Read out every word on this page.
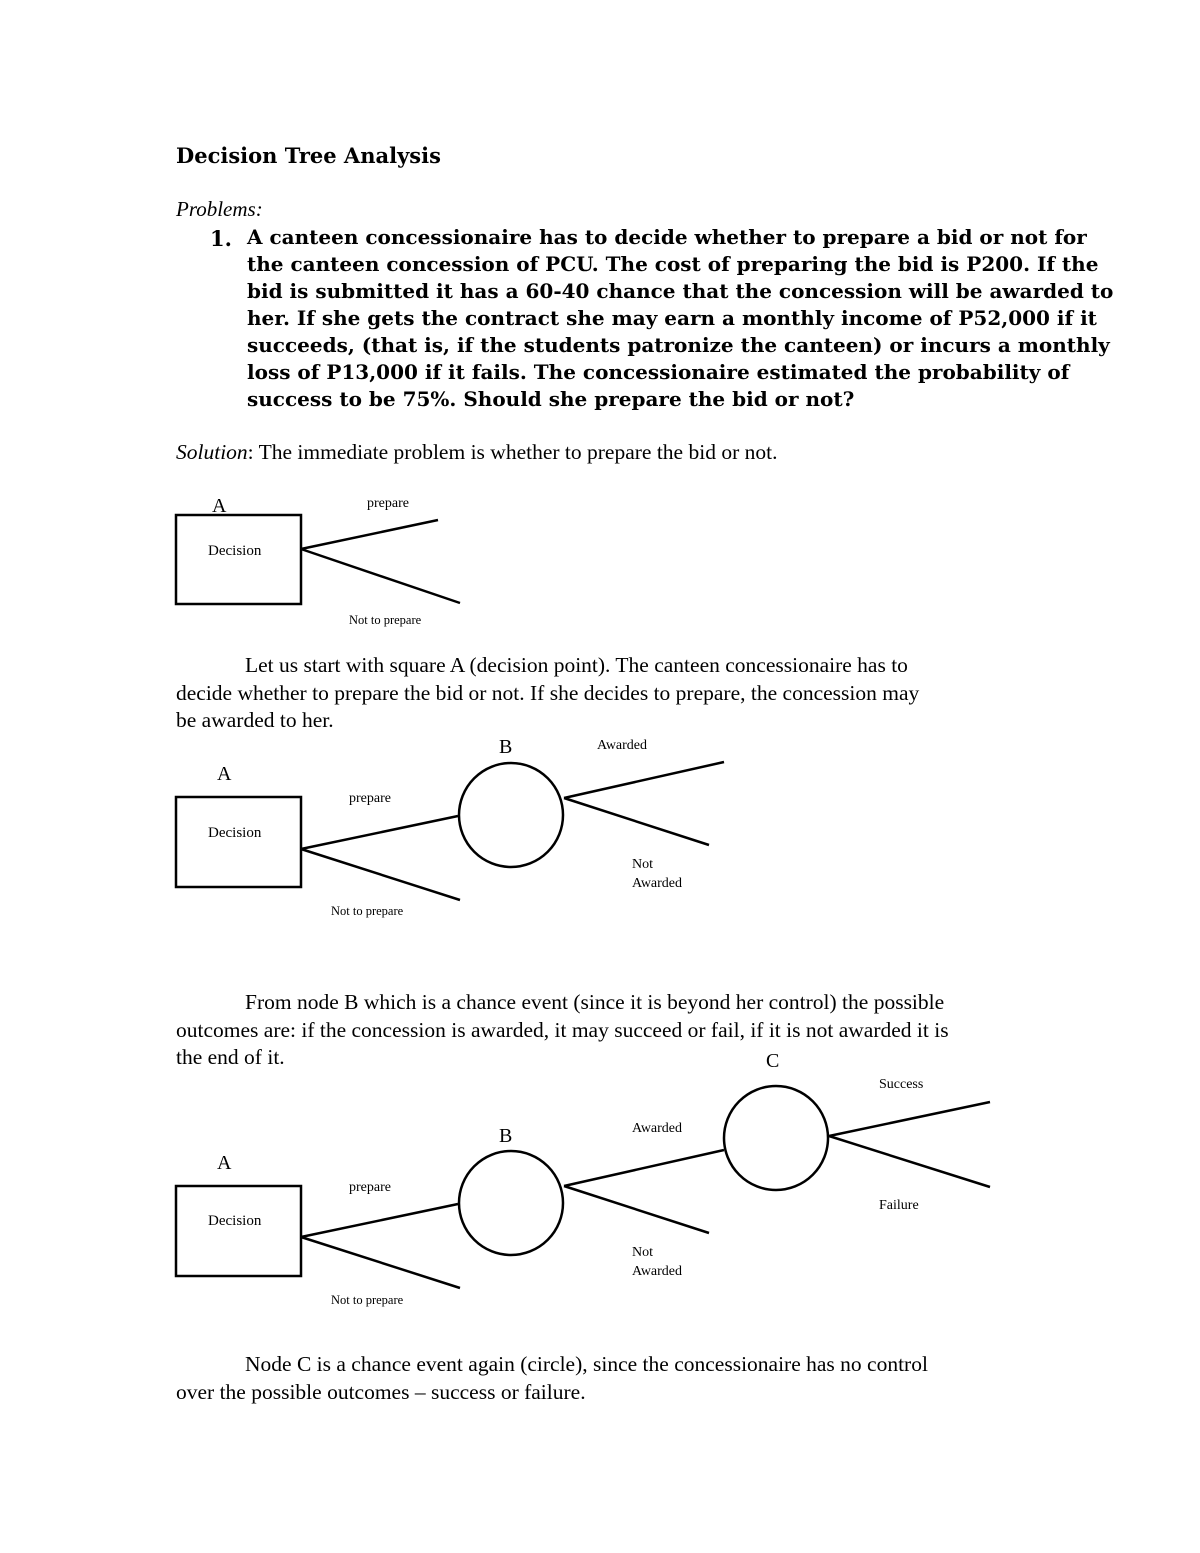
Decision Tree Analysis
Problems:
1. A canteen concessionaire has to decide whether to prepare a bid or not for
the canteen concession of PCU. The cost of preparing the bid is P200. If the
bid is submitted it has a 60-40 chance that the concession will be awarded to
her. If she gets the contract she may earn a monthly income of P52,000 if it
succeeds, (that is, if the students patronize the canteen) or incurs a monthly
loss of P13,000 if it fails. The concessionaire estimated the probability of
success to be 75%. Should she prepare the bid or not?
Solution: The immediate problem is whether to prepare the bid or not.
Let us start with square A (decision point). The canteen concessionaire has to
decide whether to prepare the bid or not. If she decides to prepare, the concession may
be awarded to her.
From node B which is a chance event (since it is beyond her control) the possible
outcomes are: if the concession is awarded, it may succeed or fail, if it is not awarded it is
the end of it.
Node C is a chance event again (circle), since the concessionaire has no control
over the possible outcomes – success or failure.
A
Decision
prepare
Not to prepare
A
Decision
prepare
Not to prepare
B	Awarded
Not
Awarded
C
A
Decision
prepare
Not to prepare
B	Awarded
Not
Awarded
Success
Failure
